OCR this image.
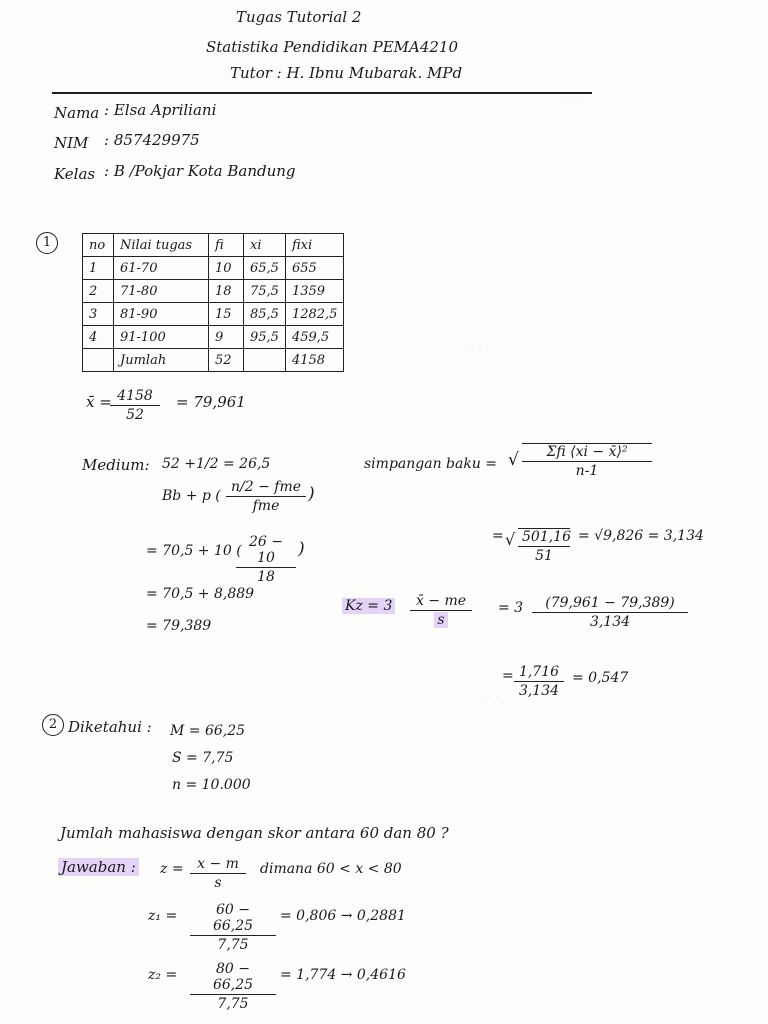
· · ·
· · ·
· · ·
Tugas Tutorial 2
Statistika Pendidikan PEMA4210
Tutor : H. Ibnu Mubarak. MPd
Nama : Elsa Apriliani
NIM : 857429975
Kelas : B /Pokjar Kota Bandung
1	no	Nilai tugas	fi	xi	fixi
1	61-70	10	65,5	655
2	71-80	18	75,5	1359
3	81-90	15	85,5	1282,5
4	91-100	9	95,5	459,5
	Jumlah	52		4158
x̄ =
$\frac{4158}{52} = 79,961$
Medium: 52 +1/2 = 26,5
Bb + p (
n/2 − fme
fme
)
= 70,5 + 10 (
$\frac{26 - 10}{18}$ )
= 70,5 + 8,889
= 79,389
simpangan baku = √	Σfi ⟨xi − x̄⟩²
n-1
= √ $\frac{501,16}{51} = √9,826 = 3,134$
$Kz = 3 \frac{x̄ - me}{s} = 3 \frac{(79,961 - 79,389)}{3,134}$
= $\frac{1,716}{3,134} = 0,547$
2 Diketahui : M = 66,25
S = 7,75
n = 10.000
Jumlah mahasiswa dengan skor antara 60 dan 80 ?
Jawaban : $z = \frac{x - m}{s}$ dimana 60 < x < 80
$z_1 = \frac{60 - 66,25}{7,75} = 0,806 \to 0,2881$
$z_2 = \frac{80 - 66,25}{7,75} = 1,774 \to 0,4616$
